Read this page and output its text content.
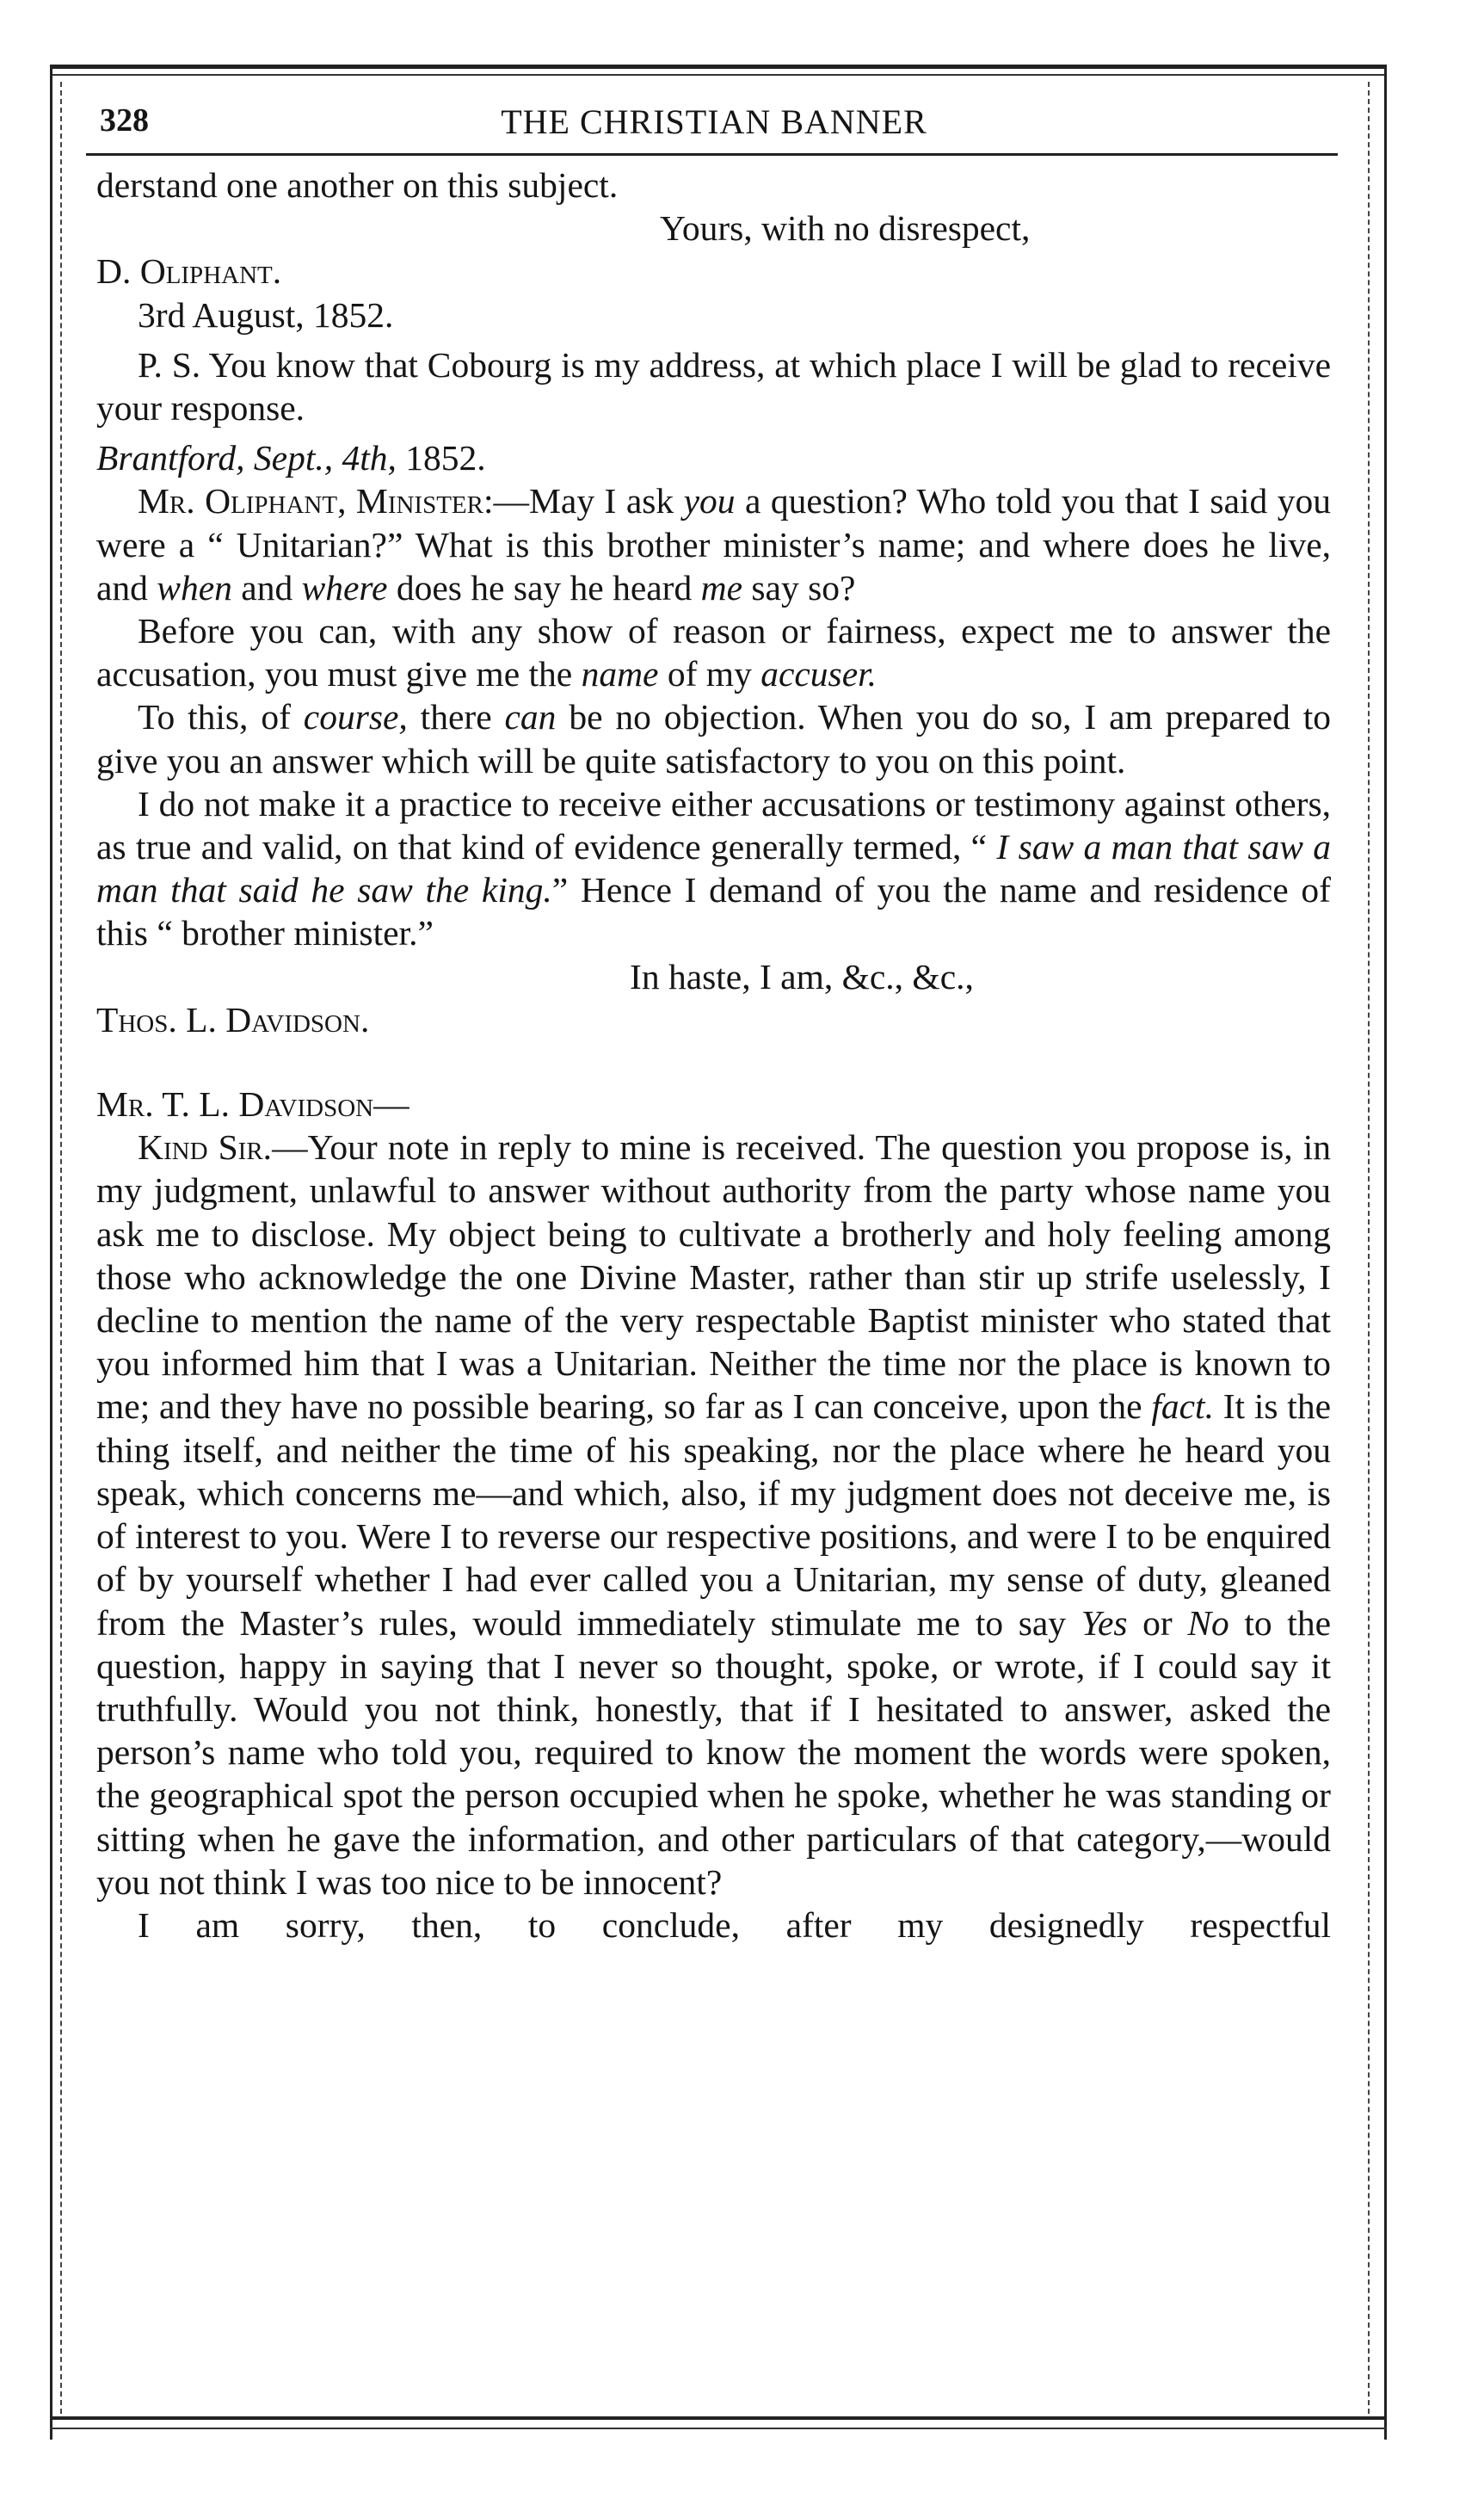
328	THE CHRISTIAN BANNER

derstand one another on this subject.

Yours, with no disrespect,

D. Oliphant.

3rd August, 1852.

P. S. You know that Cobourg is my address, at which place I will be glad to receive your response.

Brantford, Sept., 4th, 1852.

Mr. Oliphant, Minister:—May I ask you a question? Who told you that I said you were a “ Unitarian?” What is this brother minister’s name; and where does he live, and when and where does he say he heard me say so?

Before you can, with any show of reason or fairness, expect me to answer the accusation, you must give me the name of my accuser.

To this, of course, there can be no objection. When you do so, I am prepared to give you an answer which will be quite satisfactory to you on this point.

I do not make it a practice to receive either accusations or testimony against others, as true and valid, on that kind of evidence generally termed, “ I saw a man that saw a man that said he saw the king.” Hence I demand of you the name and residence of this “ brother minister.”

In haste, I am, &c., &c.,

Thos. L. Davidson.

Mr. T. L. Davidson—

Kind Sir.—Your note in reply to mine is received. The question you propose is, in my judgment, unlawful to answer without authority from the party whose name you ask me to disclose. My object being to cultivate a brotherly and holy feeling among those who acknowledge the one Divine Master, rather than stir up strife uselessly, I decline to mention the name of the very respectable Baptist minister who stated that you informed him that I was a Unitarian. Neither the time nor the place is known to me; and they have no possible bearing, so far as I can conceive, upon the fact. It is the thing itself, and neither the time of his speaking, nor the place where he heard you speak, which concerns me—and which, also, if my judgment does not deceive me, is of interest to you. Were I to reverse our respective positions, and were I to be enquired of by yourself whether I had ever called you a Unitarian, my sense of duty, gleaned from the Master’s rules, would immediately stimulate me to say Yes or No to the question, happy in saying that I never so thought, spoke, or wrote, if I could say it truthfully. Would you not think, honestly, that if I hesitated to answer, asked the person’s name who told you, required to know the moment the words were spoken, the geographical spot the person occupied when he spoke, whether he was standing or sitting when he gave the information, and other particulars of that category,—would you not think I was too nice to be innocent?

I am sorry, then, to conclude, after my designedly respectful
